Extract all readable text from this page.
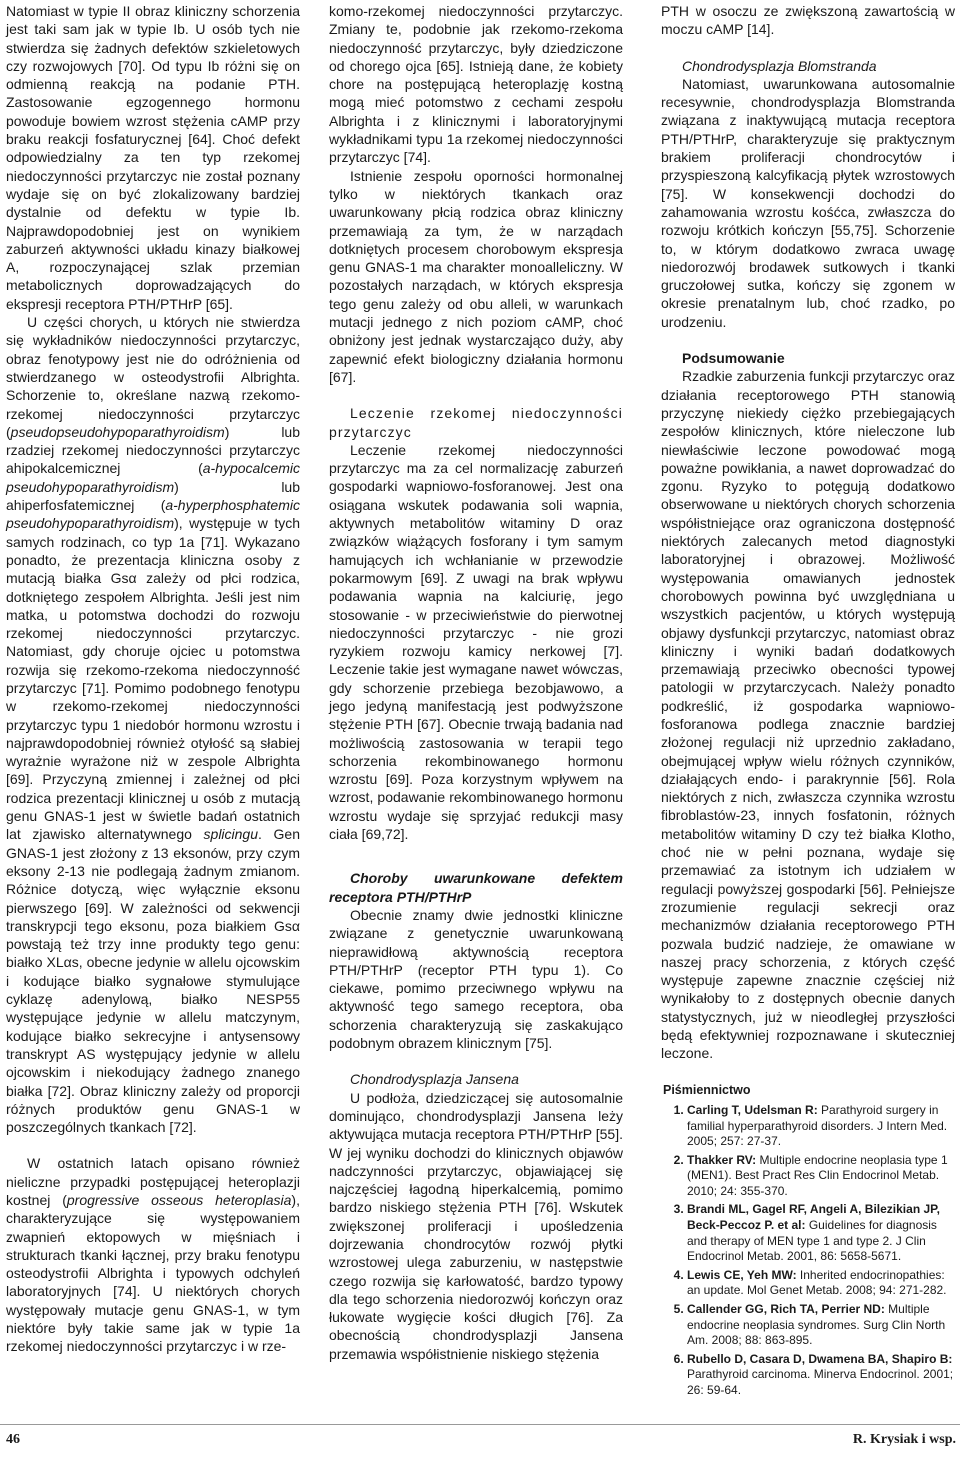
Natomiast w typie II obraz kliniczny schorzenia jest taki sam jak w typie Ib. U osób tych nie stwierdza się żadnych defektów szkieletowych czy rozwojowych [70]. Od typu Ib różni się on odmienną reakcją na podanie PTH. Zastosowanie egzogennego hormonu powoduje bowiem wzrost stężenia cAMP przy braku reakcji fosfaturycznej [64]. Choć defekt odpowiedzialny za ten typ rzekomej niedoczynności przytarczyc nie został poznany wydaje się on być zlokalizowany bardziej dystalnie od defektu w typie Ib. Najprawdopodobniej jest on wynikiem zaburzeń aktywności układu kinazy białkowej A, rozpoczynającej szlak przemian metabolicznych doprowadzających do ekspresji receptora PTH/PTHrP [65].

U części chorych, u których nie stwierdza się wykładników niedoczynności przytarczyc, obraz fenotypowy jest nie do odróżnienia od stwierdzanego w osteodystrofii Albrighta. Schorzenie to, określane nazwą rzekomo-rzekomej niedoczynności przytarczyc (pseudopseudohypoparathyroidism) lub rzadziej rzekomej niedoczynności przytarczyc ahipokalcemicznej (a-hypocalcemic pseudohypoparathyroidism) lub ahiperfosfatemicznej (a-hyperphosphatemic pseudohypoparathyroidism), występuje w tych samych rodzinach, co typ 1a [71]. Wykazano ponadto, że prezentacja kliniczna osoby z mutacją białka Gsα zależy od płci rodzica, dotkniętego zespołem Albrighta. Jeśli jest nim matka, u potomstwa dochodzi do rozwoju rzekomej niedoczynności przytarczyc. Natomiast, gdy choruje ojciec u potomstwa rozwija się rzekomo-rzekoma niedoczynność przytarczyc [71]. Pomimo podobnego fenotypu w rzekomo-rzekomej niedoczynności przytarczyc typu 1 niedobór hormonu wzrostu i najprawdopodobniej również otyłość są słabiej wyrażnie wyrażone niż w zespole Albrighta [69]. Przyczyną zmiennej i zależnej od płci rodzica prezentacji klinicznej u osób z mutacją genu GNAS-1 jest w świetle badań ostatnich lat zjawisko alternatywnego splicingu. Gen GNAS-1 jest złożony z 13 eksonów, przy czym eksony 2-13 nie podlegają żadnym zmianom. Różnice dotyczą, więc wyłącznie eksonu pierwszego [69]. W zależności od sekwencji transkrypcji tego eksonu, poza białkiem Gsα powstają też trzy inne produkty tego genu: białko XLαs, obecne jedynie w allelu ojcowskim i kodujące białko sygnałowe stymulujące cyklazę adenylową, białko NESP55 występujące jedynie w allelu matczynym, kodujące białko sekrecyjne i antysensowy transkrypt AS występujący jedynie w allelu ojcowskim i niekodujący żadnego znanego białka [72]. Obraz kliniczny zależy od proporcji różnych produktów genu GNAS-1 w poszczególnych tkankach [72].

W ostatnich latach opisano również nieliczne przypadki postępującej heteroplazji kostnej (progressive osseous heteroplasia), charakteryzujące się występowaniem zwapnień ektopowych w mięśniach i strukturach tkanki łącznej, przy braku fenotypu osteodystrofii Albrighta i typowych odchyleń laboratoryjnych [74]. U niektórych chorych występowały mutacje genu GNAS-1, w tym niektóre były takie same jak w typie 1a rzekomej niedoczynności przytarczyc i w rze-

komo-rzekomej niedoczynności przytarczyc. Zmiany te, podobnie jak rzekomo-rzekoma niedoczynność przytarczyc, były dziedziczone od chorego ojca [65]. Istnieją dane, że kobiety chore na postępującą heteroplazję kostną mogą mieć potomstwo z cechami zespołu Albrighta i z klinicznymi i laboratoryjnymi wykładnikami typu 1a rzekomej niedoczynności przytarczyc [74].

Istnienie zespołu oporności hormonalnej tylko w niektórych tkankach oraz uwarunkowany płcią rodzica obraz kliniczny przemawiają za tym, że w narządach dotkniętych procesem chorobowym ekspresja genu GNAS-1 ma charakter monoalleliczny. W pozostałych narządach, w których ekspresja tego genu zależy od obu alleli, w warunkach mutacji jednego z nich poziom cAMP, choć obniżony jest jednak wystarczająco duży, aby zapewnić efekt biologiczny działania hormonu [67].

Leczenie rzekomej niedoczynności przytarczyc

Leczenie rzekomej niedoczynności przytarczyc ma za cel normalizację zaburzeń gospodarki wapniowo-fosforanowej. Jest ona osiągana wskutek podawania soli wapnia, aktywnych metabolitów witaminy D oraz związków wiążących fosforany i tym samym hamujących ich wchłanianie w przewodzie pokarmowym [69]. Z uwagi na brak wpływu podawania wapnia na kalciurię, jego stosowanie - w przeciwieństwie do pierwotnej niedoczynności przytarczyc - nie grozi ryzykiem rozwoju kamicy nerkowej [7]. Leczenie takie jest wymagane nawet wówczas, gdy schorzenie przebiega bezobjawowo, a jego jedyną manifestacją jest podwyższone stężenie PTH [67]. Obecnie trwają badania nad możliwością zastosowania w terapii tego schorzenia rekombinowanego hormonu wzrostu [69]. Poza korzystnym wpływem na wzrost, podawanie rekombinowanego hormonu wzrostu wydaje się sprzyjać redukcji masy ciała [69,72].

Choroby uwarunkowane defektem receptora PTH/PTHrP

Obecnie znamy dwie jednostki kliniczne związane z genetycznie uwarunkowaną nieprawidłową aktywnością receptora PTH/PTHrP (receptor PTH typu 1). Co ciekawe, pomimo przeciwnego wpływu na aktywność tego samego receptora, oba schorzenia charakteryzują się zaskakująco podobnym obrazem klinicznym [75].

Chondrodysplazja Jansena

U podłoża, dziedziczącej się autosomalnie dominująco, chondrodysplazji Jansena leży aktywująca mutacja receptora PTH/PTHrP [55]. W jej wyniku dochodzi do klinicznych objawów nadczynności przytarczyc, objawiającej się najczęściej łagodną hiperkalcemią, pomimo bardzo niskiego stężenia PTH [76]. Wskutek zwiększonej proliferacji i upośledzenia dojrzewania chondrocytów rozwój płytki wzrostowej ulega zaburzeniu, w następstwie czego rozwija się karłowatość, bardzo typowy dla tego schorzenia niedorozwój kończyn oraz łukowate wygięcie kości długich [76]. Za obecnością chondrodysplazji Jansena przemawia współistnienie niskiego stężenia

PTH w osoczu ze zwiększoną zawartością w moczu cAMP [14].

Chondrodysplazja Blomstranda

Natomiast, uwarunkowana autosomalnie recesywnie, chondrodysplazja Blomstranda związana z inaktywującą mutacja receptora PTH/PTHrP, charakteryzuje się praktycznym brakiem proliferacji chondrocytów i przyspieszoną kalcyfikacją płytek wzrostowych [75]. W konsekwencji dochodzi do zahamowania wzrostu kośćca, zwłaszcza do rozwoju krótkich kończyn [55,75]. Schorzenie to, w którym dodatkowo zwraca uwagę niedorozwój brodawek sutkowych i tkanki gruczołowej sutka, kończy się zgonem w okresie prenatalnym lub, choć rzadko, po urodzeniu.

Podsumowanie

Rzadkie zaburzenia funkcji przytarczyc oraz działania receptorowego PTH stanowią przyczynę niekiedy ciężko przebiegających zespołów klinicznych, które nieleczone lub niewłaściwie leczone powodować mogą poważne powikłania, a nawet doprowadzać do zgonu. Ryzyko to potęgują dodatkowo obserwowane u niektórych chorych schorzenia współistniejące oraz ograniczona dostępność niektórych zalecanych metod diagnostyki laboratoryjnej i obrazowej. Możliwość występowania omawianych jednostek chorobowych powinna być uwzględniana u wszystkich pacjentów, u których występują objawy dysfunkcji przytarczyc, natomiast obraz kliniczny i wyniki badań dodatkowych przemawiają przeciwko obecności typowej patologii w przytarczycach. Należy ponadto podkreślić, iż gospodarka wapniowo-fosforanowa podlega znacznie bardziej złożonej regulacji niż uprzednio zakładano, obejmującej wpływ wielu różnych czynników, działających endo- i parakrynnie [56]. Rola niektórych z nich, zwłaszcza czynnika wzrostu fibroblastów-23, innych fosfatonin, różnych metabolitów witaminy D czy też białka Klotho, choć nie w pełni poznana, wydaje się przemawiać za istotnym ich udziałem w regulacji powyższej gospodarki [56]. Pełniejsze zrozumienie regulacji sekrecji oraz mechanizmów działania receptorowego PTH pozwala budzić nadzieje, że omawiane w naszej pracy schorzenia, z których część występuje zapewne znacznie częściej niż wynikałoby to z dostępnych obecnie danych statystycznych, już w nieodległej przyszłości będą efektywniej rozpoznawane i skuteczniej leczone.

Piśmiennictwo
1. Carling T, Udelsman R: Parathyroid surgery in familial hyperparathyroid disorders. J Intern Med. 2005; 257: 27-37.
2. Thakker RV: Multiple endocrine neoplasia type 1 (MEN1). Best Pract Res Clin Endocrinol Metab. 2010; 24: 355-370.
3. Brandi ML, Gagel RF, Angeli A, Bilezikian JP, Beck-Peccoz P. et al: Guidelines for diagnosis and therapy of MEN type 1 and type 2. J Clin Endocrinol Metab. 2001, 86: 5658-5671.
4. Lewis CE, Yeh MW: Inherited endocrinopathies: an update. Mol Genet Metab. 2008; 94: 271-282.
5. Callender GG, Rich TA, Perrier ND: Multiple endocrine neoplasia syndromes. Surg Clin North Am. 2008; 88: 863-895.
6. Rubello D, Casara D, Dwamena BA, Shapiro B: Parathyroid carcinoma. Minerva Endocrinol. 2001; 26: 59-64.
46	R. Krysiak i wsp.
